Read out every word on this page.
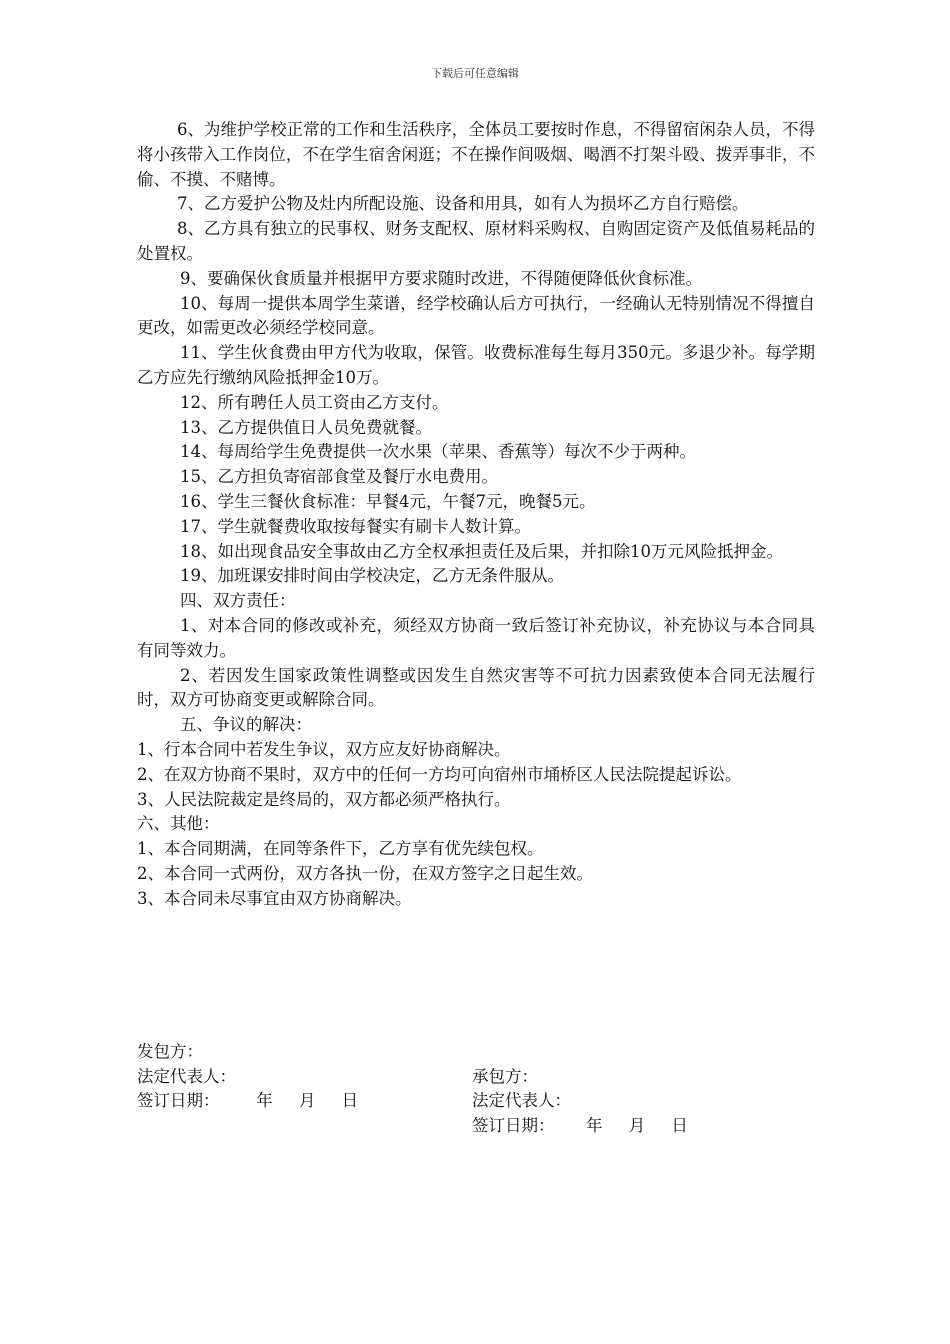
下载后可任意编辑

6、为维护学校正常的工作和生活秩序，全体员工要按时作息，不得留宿闲杂人员，不得将小孩带入工作岗位，不在学生宿舍闲逛；不在操作间吸烟、喝酒不打架斗殴、拨弄事非，不偷、不摸、不赌博。

7、乙方爱护公物及灶内所配设施、设备和用具，如有人为损坏乙方自行赔偿。

8、乙方具有独立的民事权、财务支配权、原材料采购权、自购固定资产及低值易耗品的处置权。

9、要确保伙食质量并根据甲方要求随时改进，不得随便降低伙食标准。

10、每周一提供本周学生菜谱，经学校确认后方可执行，一经确认无特别情况不得擅自更改，如需更改必须经学校同意。

11、学生伙食费由甲方代为收取，保管。收费标准每生每月350元。多退少补。每学期乙方应先行缴纳风险抵押金10万。

12、所有聘任人员工资由乙方支付。

13、乙方提供值日人员免费就餐。

14、每周给学生免费提供一次水果（苹果、香蕉等）每次不少于两种。

15、乙方担负寄宿部食堂及餐厅水电费用。

16、学生三餐伙食标准：早餐4元，午餐7元，晚餐5元。

17、学生就餐费收取按每餐实有刷卡人数计算。

18、如出现食品安全事故由乙方全权承担责任及后果，并扣除10万元风险抵押金。

19、加班课安排时间由学校决定，乙方无条件服从。

四、双方责任：

1、对本合同的修改或补充，须经双方协商一致后签订补充协议，补充协议与本合同具有同等效力。

2、若因发生国家政策性调整或因发生自然灾害等不可抗力因素致使本合同无法履行时，双方可协商变更或解除合同。

五、争议的解决：

1、行本合同中若发生争议，双方应友好协商解决。

2、在双方协商不果时，双方中的任何一方均可向宿州市埇桥区人民法院提起诉讼。

3、人民法院裁定是终局的，双方都必须严格执行。

六、其他：

1、本合同期满，在同等条件下，乙方享有优先续包权。

2、本合同一式两份，双方各执一份，在双方签字之日起生效。

3、本合同未尽事宜由双方协商解决。

发包方：

承包方：

法定代表人：

法定代表人：

签订日期：       年     月     日

签订日期：      年     月     日
